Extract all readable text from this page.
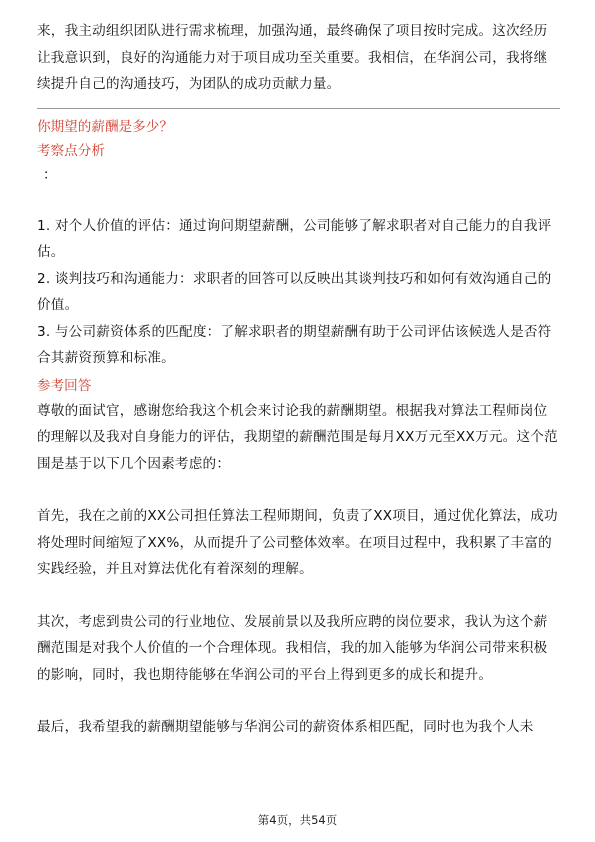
来，我主动组织团队进行需求梳理，加强沟通，最终确保了项目按时完成。这次经历让我意识到，良好的沟通能力对于项目成功至关重要。我相信，在华润公司，我将继续提升自己的沟通技巧，为团队的成功贡献力量。

你期望的薪酬是多少？

考察点分析

：

1. 对个人价值的评估：通过询问期望薪酬，公司能够了解求职者对自己能力的自我评估。

2. 谈判技巧和沟通能力：求职者的回答可以反映出其谈判技巧和如何有效沟通自己的价值。

3. 与公司薪资体系的匹配度：了解求职者的期望薪酬有助于公司评估该候选人是否符合其薪资预算和标准。

参考回答

尊敬的面试官，感谢您给我这个机会来讨论我的薪酬期望。根据我对算法工程师岗位的理解以及我对自身能力的评估，我期望的薪酬范围是每月XX万元至XX万元。这个范围是基于以下几个因素考虑的：

首先，我在之前的XX公司担任算法工程师期间，负责了XX项目，通过优化算法，成功将处理时间缩短了XX%，从而提升了公司整体效率。在项目过程中，我积累了丰富的实践经验，并且对算法优化有着深刻的理解。

其次，考虑到贵公司的行业地位、发展前景以及我所应聘的岗位要求，我认为这个薪酬范围是对我个人价值的一个合理体现。我相信，我的加入能够为华润公司带来积极的影响，同时，我也期待能够在华润公司的平台上得到更多的成长和提升。

最后，我希望我的薪酬期望能够与华润公司的薪资体系相匹配，同时也为我个人未

第4页，共54页
